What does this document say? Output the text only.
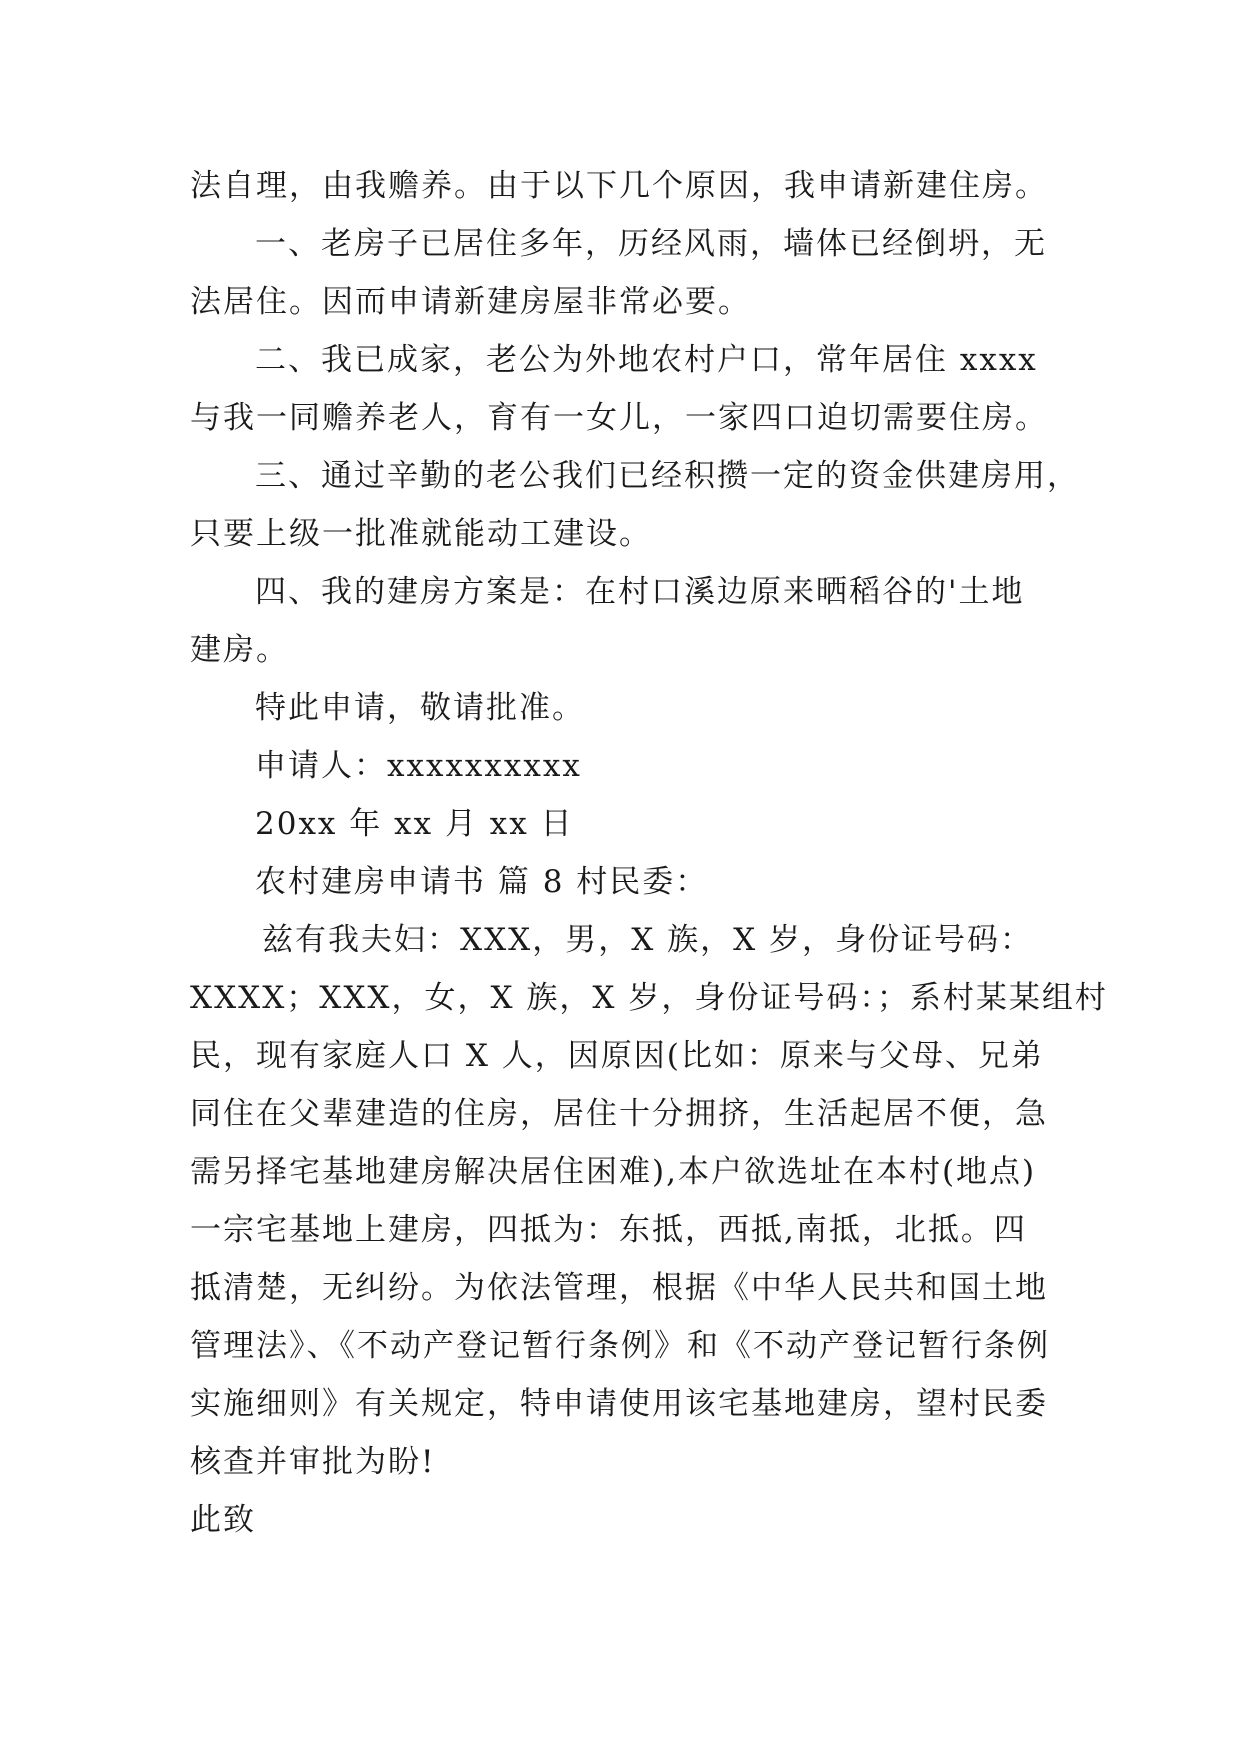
法自理，由我赡养。由于以下几个原因，我申请新建住房。
一、老房子已居住多年，历经风雨，墙体已经倒坍，无
法居住。因而申请新建房屋非常必要。
二、我已成家，老公为外地农村户口，常年居住 xxxx
与我一同赡养老人，育有一女儿，一家四口迫切需要住房。
三、通过辛勤的老公我们已经积攒一定的资金供建房用，
只要上级一批准就能动工建设。
四、我的建房方案是：在村口溪边原来晒稻谷的'土地
建房。
特此申请，敬请批准。
申请人：xxxxxxxxxx
20xx 年 xx 月 xx 日
农村建房申请书 篇 8 村民委：
兹有我夫妇：XXX，男，X 族，X 岁，身份证号码：
XXXX；XXX，女，X 族，X 岁，身份证号码：；系村某某组村
民，现有家庭人口 X 人，因原因(比如：原来与父母、兄弟
同住在父辈建造的住房，居住十分拥挤，生活起居不便，急
需另择宅基地建房解决居住困难),本户欲选址在本村(地点)
一宗宅基地上建房，四抵为：东抵，西抵,南抵，北抵。四
抵清楚，无纠纷。为依法管理，根据《中华人民共和国土地
管理法》、《不动产登记暂行条例》和《不动产登记暂行条例
实施细则》有关规定，特申请使用该宅基地建房，望村民委
核查并审批为盼!
此致
